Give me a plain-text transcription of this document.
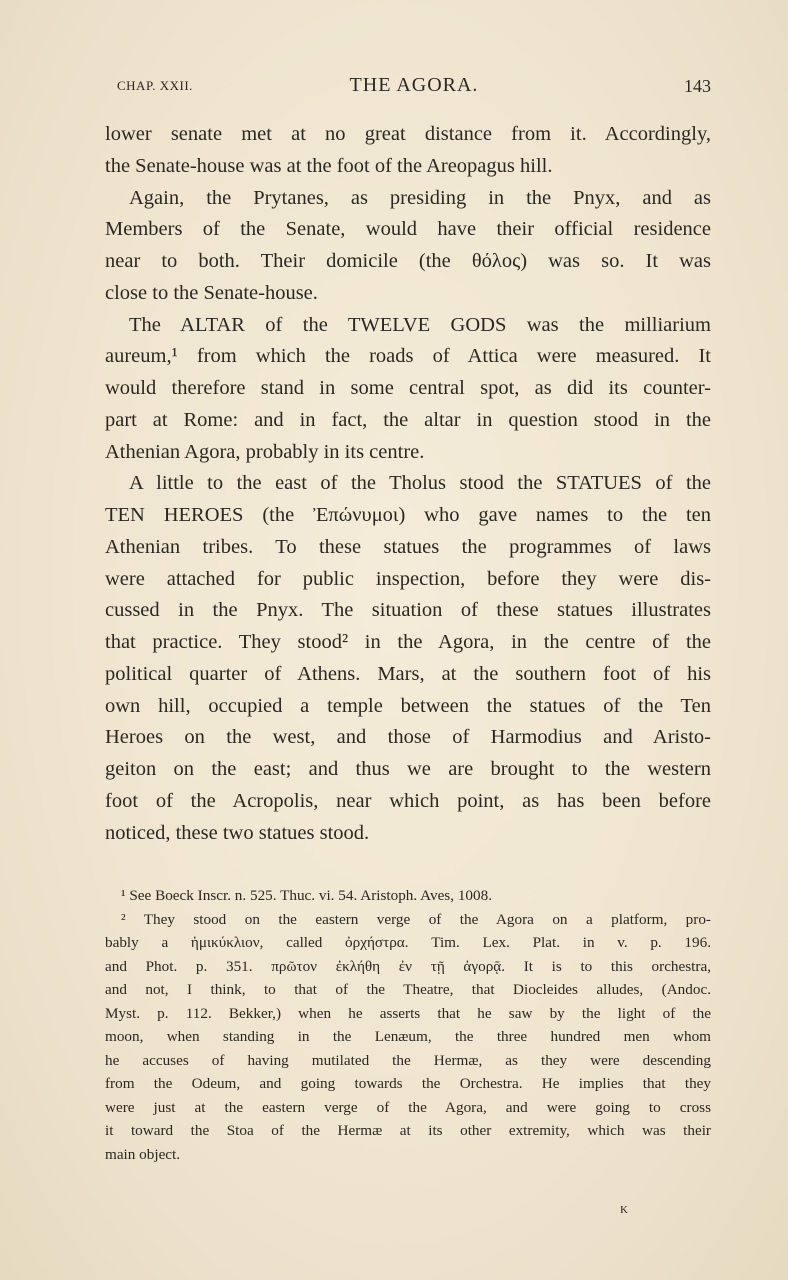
CHAP. XXII.	THE AGORA.	143
lower senate met at no great distance from it. Accordingly,
the Senate-house was at the foot of the Areopagus hill.
Again, the Prytanes, as presiding in the Pnyx, and as
Members of the Senate, would have their official residence
near to both. Their domicile (the θόλος) was so. It was
close to the Senate-house.
The ALTAR of the TWELVE GODS was the milliarium
aureum,¹ from which the roads of Attica were measured. It
would therefore stand in some central spot, as did its counter-
part at Rome: and in fact, the altar in question stood in the
Athenian Agora, probably in its centre.
A little to the east of the Tholus stood the STATUES of the
TEN HEROES (the Ἐπώνυμοι) who gave names to the ten
Athenian tribes. To these statues the programmes of laws
were attached for public inspection, before they were dis-
cussed in the Pnyx. The situation of these statues illustrates
that practice. They stood² in the Agora, in the centre of the
political quarter of Athens. Mars, at the southern foot of his
own hill, occupied a temple between the statues of the Ten
Heroes on the west, and those of Harmodius and Aristo-
geiton on the east; and thus we are brought to the western
foot of the Acropolis, near which point, as has been before
noticed, these two statues stood.
¹ See Boeck Inscr. n. 525. Thuc. vi. 54. Aristoph. Aves, 1008.
² They stood on the eastern verge of the Agora on a platform, pro-
bably a ἡμικύκλιον, called ὀρχήστρα. Tim. Lex. Plat. in v. p. 196.
and Phot. p. 351. πρῶτον ἐκλήθη ἐν τῇ ἀγορᾷ. It is to this orchestra,
and not, I think, to that of the Theatre, that Diocleides alludes, (Andoc.
Myst. p. 112. Bekker,) when he asserts that he saw by the light of the
moon, when standing in the Lenæum, the three hundred men whom
he accuses of having mutilated the Hermæ, as they were descending
from the Odeum, and going towards the Orchestra. He implies that they
were just at the eastern verge of the Agora, and were going to cross
it toward the Stoa of the Hermæ at its other extremity, which was their
main object.
K
